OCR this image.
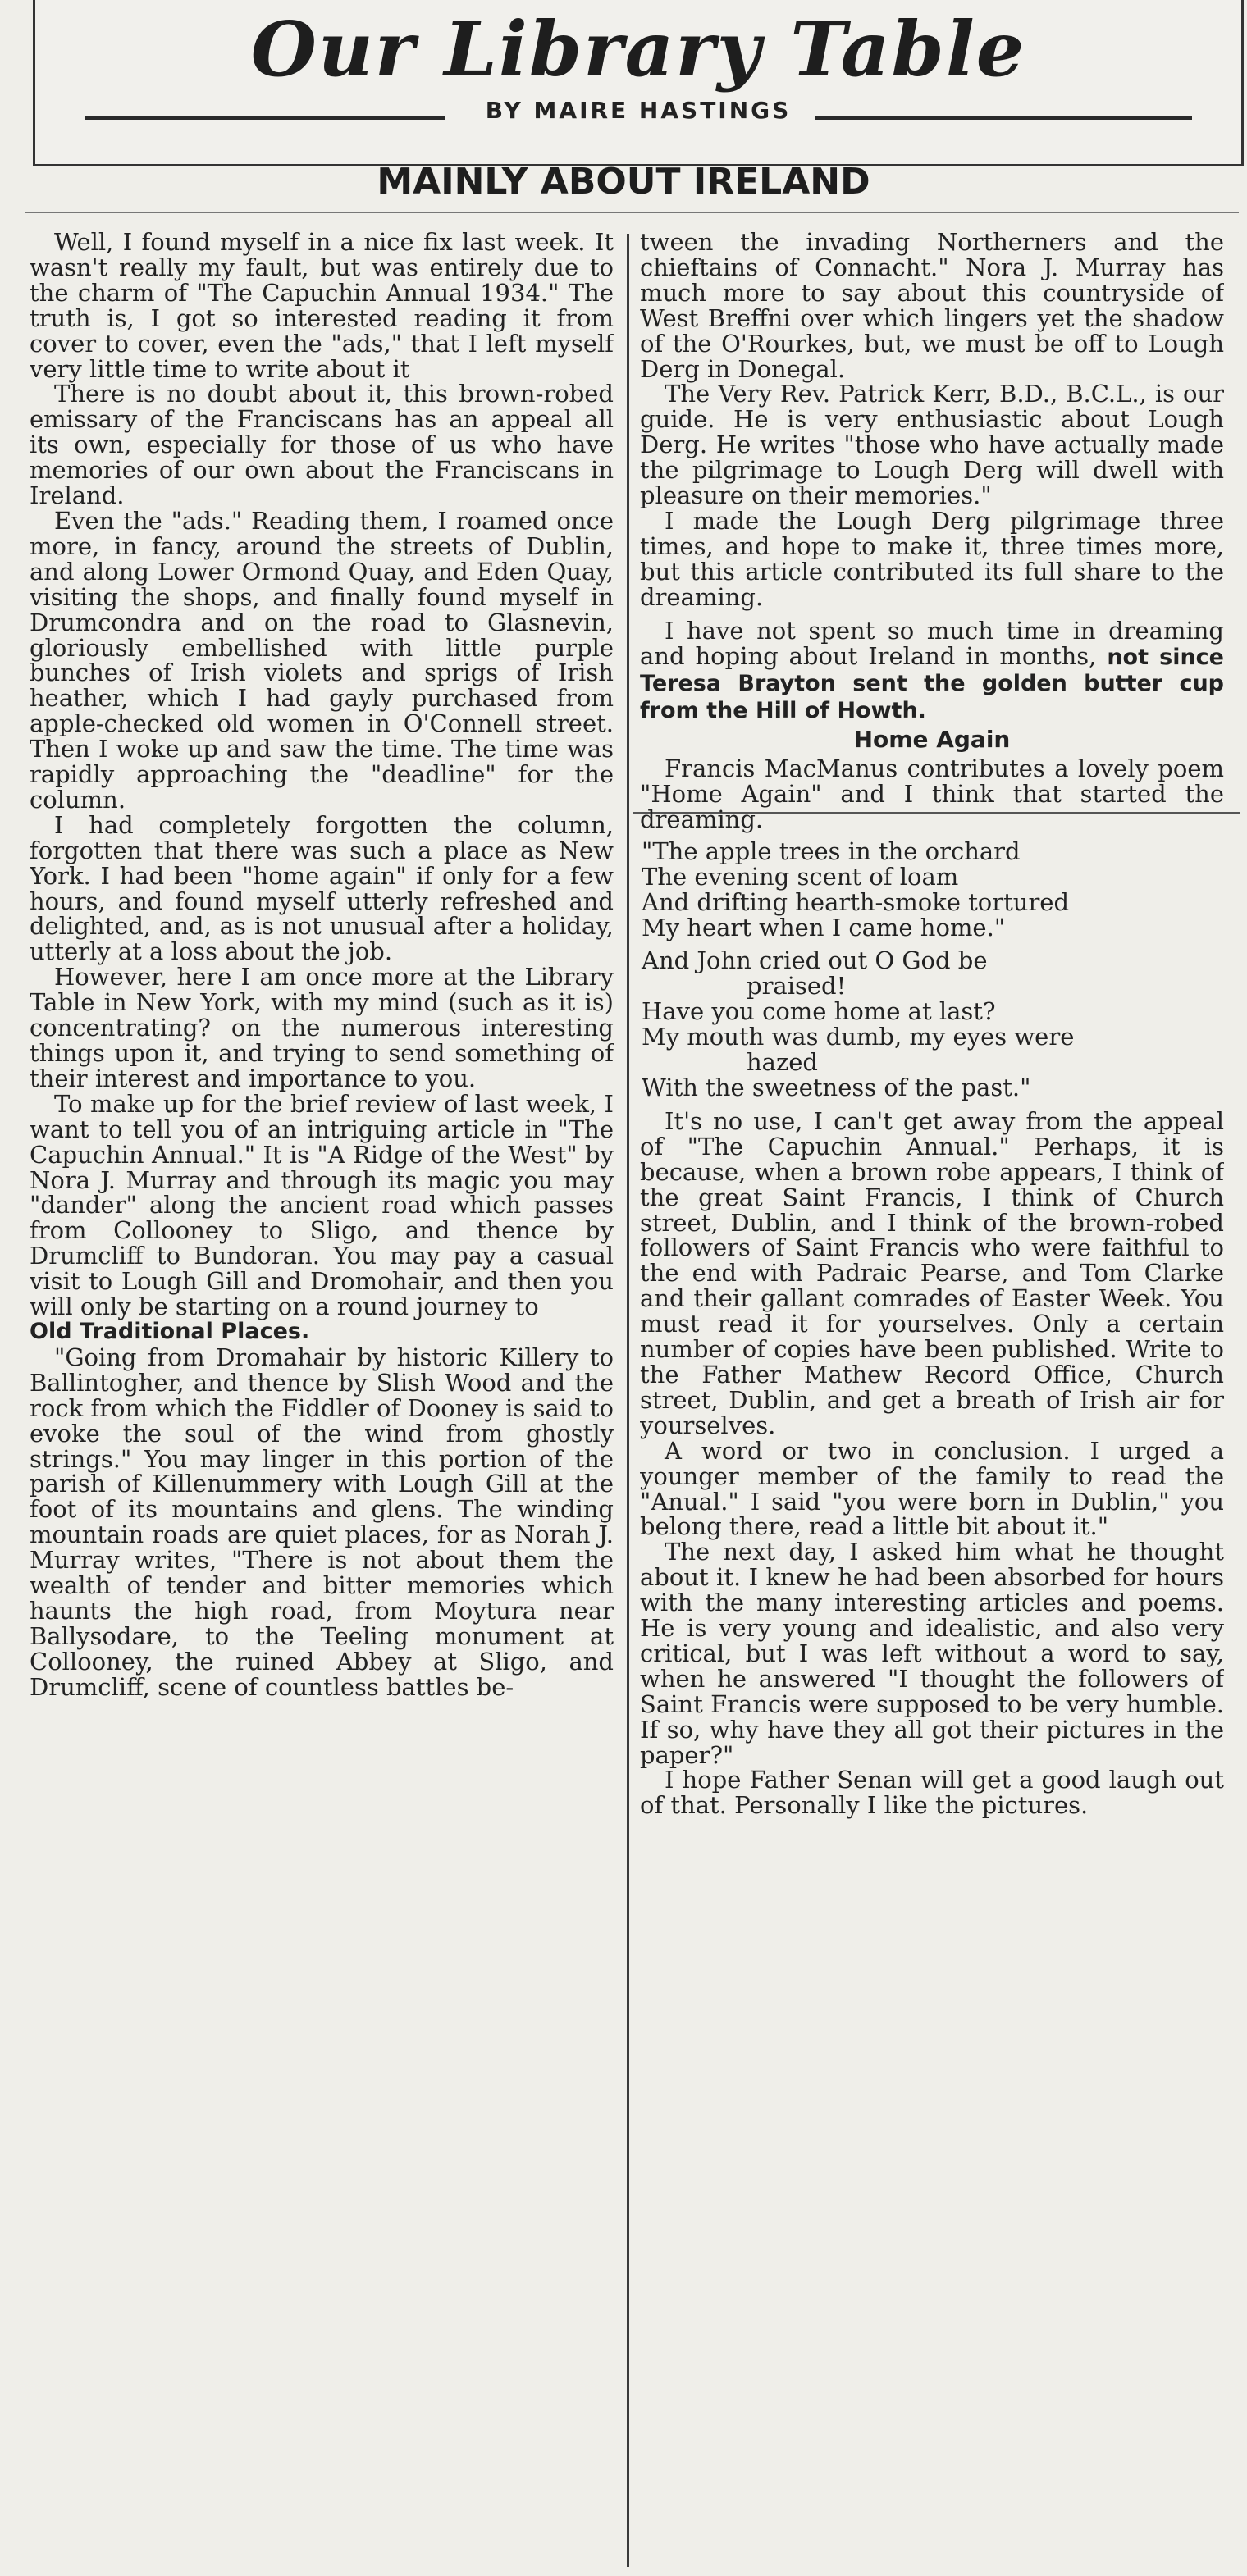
Our Library Table
BY MAIRE HASTINGS
MAINLY ABOUT IRELAND

Well, I found myself in a nice fix last week. It wasn't really my fault, but was entirely due to the charm of "The Capuchin Annual 1934." The truth is, I got so interested reading it from cover to cover, even the "ads," that I left myself very little time to write about it

There is no doubt about it, this brown-robed emissary of the Franciscans has an appeal all its own, especially for those of us who have memories of our own about the Franciscans in Ireland.

Even the "ads." Reading them, I roamed once more, in fancy, around the streets of Dublin, and along Lower Ormond Quay, and Eden Quay, visiting the shops, and finally found myself in Drumcondra and on the road to Glasnevin, gloriously embellished with little purple bunches of Irish violets and sprigs of Irish heather, which I had gayly purchased from apple-checked old women in O'Connell street. Then I woke up and saw the time. The time was rapidly approaching the "deadline" for the column.

I had completely forgotten the column, forgotten that there was such a place as New York. I had been "home again" if only for a few hours, and found myself utterly refreshed and delighted, and, as is not unusual after a holiday, utterly at a loss about the job.

However, here I am once more at the Library Table in New York, with my mind (such as it is) concentrating? on the numerous interesting things upon it, and trying to send something of their interest and importance to you.

To make up for the brief review of last week, I want to tell you of an intriguing article in "The Capuchin Annual." It is "A Ridge of the West" by Nora J. Murray and through its magic you may "dander" along the ancient road which passes from Collooney to Sligo, and thence by Drumcliff to Bundoran. You may pay a casual visit to Lough Gill and Dromohair, and then you will only be starting on a round journey to

Old Traditional Places.

"Going from Dromahair by historic Killery to Ballintogher, and thence by Slish Wood and the rock from which the Fiddler of Dooney is said to evoke the soul of the wind from ghostly strings." You may linger in this portion of the parish of Killenummery with Lough Gill at the foot of its mountains and glens. The winding mountain roads are quiet places, for as Norah J. Murray writes, "There is not about them the wealth of tender and bitter memories which haunts the high road, from Moytura near Ballysodare, to the Teeling monument at Collooney, the ruined Abbey at Sligo, and Drumcliff, scene of countless battles be-

tween the invading Northerners and the chieftains of Connacht." Nora J. Murray has much more to say about this countryside of West Breffni over which lingers yet the shadow of the O'Rourkes, but, we must be off to Lough Derg in Donegal.

The Very Rev. Patrick Kerr, B.D., B.C.L., is our guide. He is very enthusiastic about Lough Derg. He writes "those who have actually made the pilgrimage to Lough Derg will dwell with pleasure on their memories."

I made the Lough Derg pilgrimage three times, and hope to make it, three times more, but this article contributed its full share to the dreaming.

I have not spent so much time in dreaming and hoping about Ireland in months, not since Teresa Brayton sent the golden butter cup from the Hill of Howth.

Home Again

Francis MacManus contributes a lovely poem "Home Again" and I think that started the dreaming.

"The apple trees in the orchard

The evening scent of loam

And drifting hearth-smoke tortured

My heart when I came home."

And John cried out O God be

praised!

Have you come home at last?

My mouth was dumb, my eyes were

hazed

With the sweetness of the past."

It's no use, I can't get away from the appeal of "The Capuchin Annual." Perhaps, it is because, when a brown robe appears, I think of the great Saint Francis, I think of Church street, Dublin, and I think of the brown-robed followers of Saint Francis who were faithful to the end with Padraic Pearse, and Tom Clarke and their gallant comrades of Easter Week. You must read it for yourselves. Only a certain number of copies have been published. Write to the Father Mathew Record Office, Church street, Dublin, and get a breath of Irish air for yourselves.

A word or two in conclusion. I urged a younger member of the family to read the "Anual." I said "you were born in Dublin," you belong there, read a little bit about it."

The next day, I asked him what he thought about it. I knew he had been absorbed for hours with the many interesting articles and poems. He is very young and idealistic, and also very critical, but I was left without a word to say, when he answered "I thought the followers of Saint Francis were supposed to be very humble. If so, why have they all got their pictures in the paper?"

I hope Father Senan will get a good laugh out of that. Personally I like the pictures.
